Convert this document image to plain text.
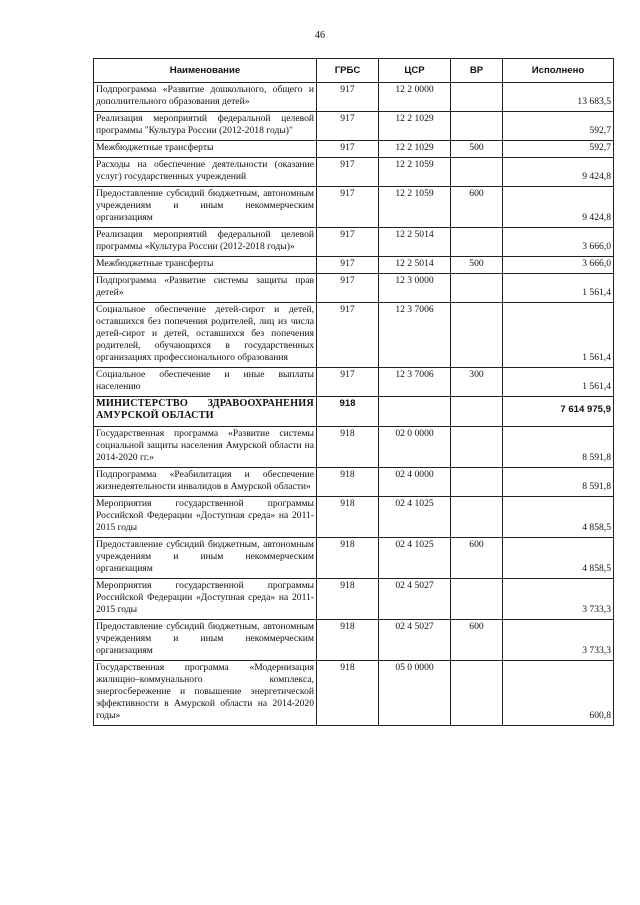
46
Наименование	ГРБС	ЦСР	ВР	Исполнено
Подпрограмма «Развитие дошкольного, общего и дополнительного образования детей»	917	12 2 0000		13 683,5
Реализация мероприятий федеральной целевой программы "Культура России (2012-2018 годы)"	917	12 2 1029		592,7
Межбюджетные трансферты	917	12 2 1029	500	592,7
Расходы на обеспечение деятельности (оказание услуг) государственных учреждений	917	12 2 1059		9 424,8
Предоставление субсидий бюджетным, автономным учреждениям и иным некоммерческим организациям	917	12 2 1059	600	9 424,8
Реализация мероприятий федеральной целевой программы «Культура России (2012-2018 годы)»	917	12 2 5014		3 666,0
Межбюджетные трансферты	917	12 2 5014	500	3 666,0
Подпрограмма «Развитие системы защиты прав детей»	917	12 3 0000		1 561,4
Социальное обеспечение детей-сирот и детей, оставшихся без попечения родителей, лиц из числа детей-сирот и детей, оставшихся без попечения родителей, обучающихся в государственных организациях профессионального образования	917	12 3 7006		1 561,4
Социальное обеспечение и иные выплаты населению	917	12 3 7006	300	1 561,4
МИНИСТЕРСТВО ЗДРАВООХРАНЕНИЯ АМУРСКОЙ ОБЛАСТИ	918			7 614 975,9
Государственная программа «Развитие системы социальной защиты населения Амурской области на 2014-2020 гг.»	918	02 0 0000		8 591,8
Подпрограмма «Реабилитация и обеспечение жизнедеятельности инвалидов в Амурской области»	918	02 4 0000		8 591,8
Мероприятия государственной программы Российской Федерации «Доступная среда» на 2011-2015 годы	918	02 4 1025		4 858,5
Предоставление субсидий бюджетным, автономным учреждениям и иным некоммерческим организациям	918	02 4 1025	600	4 858,5
Мероприятия государственной программы Российской Федерации «Доступная среда» на 2011-2015 годы	918	02 4 5027		3 733,3
Предоставление субсидий бюджетным, автономным учреждениям и иным некоммерческим организациям	918	02 4 5027	600	3 733,3
Государственная программа «Модернизация жилищно–коммунального комплекса, энергосбережение и повышение энергетической эффективности в Амурской области на 2014-2020 годы»	918	05 0 0000		600,8
